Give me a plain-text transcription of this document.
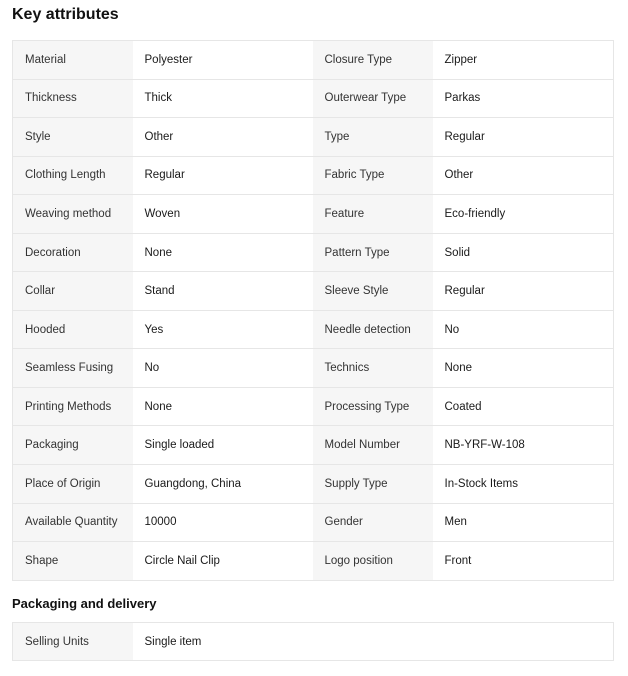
Key attributes
Material	Polyester	Closure Type	Zipper
Thickness	Thick	Outerwear Type	Parkas
Style	Other	Type	Regular
Clothing Length	Regular	Fabric Type	Other
Weaving method	Woven	Feature	Eco-friendly
Decoration	None	Pattern Type	Solid
Collar	Stand	Sleeve Style	Regular
Hooded	Yes	Needle detection	No
Seamless Fusing	No	Technics	None
Printing Methods	None	Processing Type	Coated
Packaging	Single loaded	Model Number	NB-YRF-W-108
Place of Origin	Guangdong, China	Supply Type	In-Stock Items
Available Quantity	10000	Gender	Men
Shape	Circle Nail Clip	Logo position	Front
Packaging and delivery
Selling Units	Single item
